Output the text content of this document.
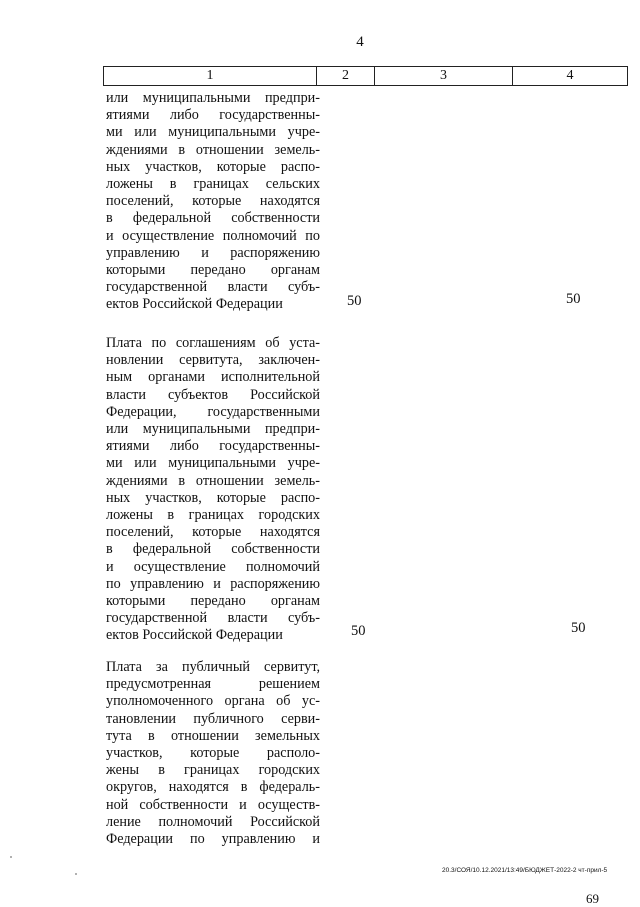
4
1	2	3	4
или муниципальными предпри-
ятиями либо государственны-
ми или муниципальными учре-
ждениями в отношении земель-
ных участков, которые распо-
ложены в границах сельских
поселений, которые находятся
в федеральной собственности
и осуществление полномочий по
управлению и распоряжению
которыми передано органам
государственной власти субъ-
ектов Российской Федерации	50	50
Плата по соглашениям об уста-
новлении сервитута, заключен-
ным органами исполнительной
власти субъектов Российской
Федерации, государственными
или муниципальными предпри-
ятиями либо государственны-
ми или муниципальными учре-
ждениями в отношении земель-
ных участков, которые распо-
ложены в границах городских
поселений, которые находятся
в федеральной собственности
и осуществление полномочий
по управлению и распоряжению
которыми передано органам
государственной власти субъ-
ектов Российской Федерации	50	50
Плата за публичный сервитут,
предусмотренная решением
уполномоченного органа об ус-
тановлении публичного серви-
тута в отношении земельных
участков, которые располо-
жены в границах городских
округов, находятся в федераль-
ной собственности и осуществ-
ление полномочий Российской
Федерации по управлению и
20.3/СОЯ/10.12.2021/13:49/БЮДЖЕТ-2022-2 чт-прил-5
69
